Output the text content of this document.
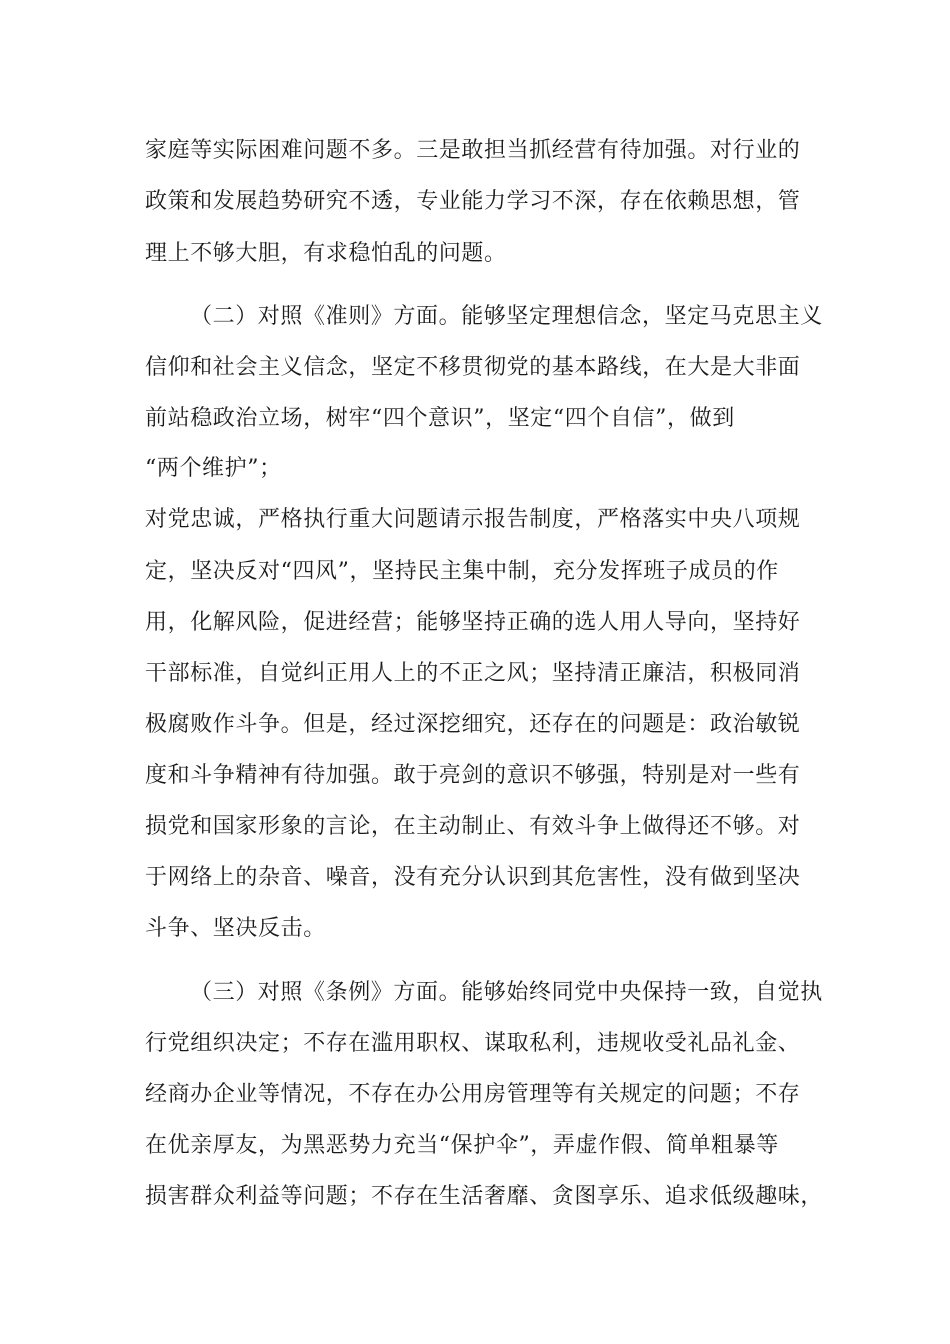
家庭等实际困难问题不多。三是敢担当抓经营有待加强。对行业的
政策和发展趋势研究不透，专业能力学习不深，存在依赖思想，管
理上不够大胆，有求稳怕乱的问题。
（二）对照《准则》方面。能够坚定理想信念，坚定马克思主义
信仰和社会主义信念，坚定不移贯彻党的基本路线，在大是大非面
前站稳政治立场，树牢“四个意识”，坚定“四个自信”，做到
“两个维护”；
对党忠诚，严格执行重大问题请示报告制度，严格落实中央八项规
定，坚决反对“四风”，坚持民主集中制，充分发挥班子成员的作
用，化解风险，促进经营；能够坚持正确的选人用人导向，坚持好
干部标准，自觉纠正用人上的不正之风；坚持清正廉洁，积极同消
极腐败作斗争。但是，经过深挖细究，还存在的问题是：政治敏锐
度和斗争精神有待加强。敢于亮剑的意识不够强，特别是对一些有
损党和国家形象的言论，在主动制止、有效斗争上做得还不够。对
于网络上的杂音、噪音，没有充分认识到其危害性，没有做到坚决
斗争、坚决反击。
（三）对照《条例》方面。能够始终同党中央保持一致，自觉执
行党组织决定；不存在滥用职权、谋取私利，违规收受礼品礼金、
经商办企业等情况，不存在办公用房管理等有关规定的问题；不存
在优亲厚友，为黑恶势力充当“保护伞”，弄虚作假、简单粗暴等
损害群众利益等问题；不存在生活奢靡、贪图享乐、追求低级趣味，
